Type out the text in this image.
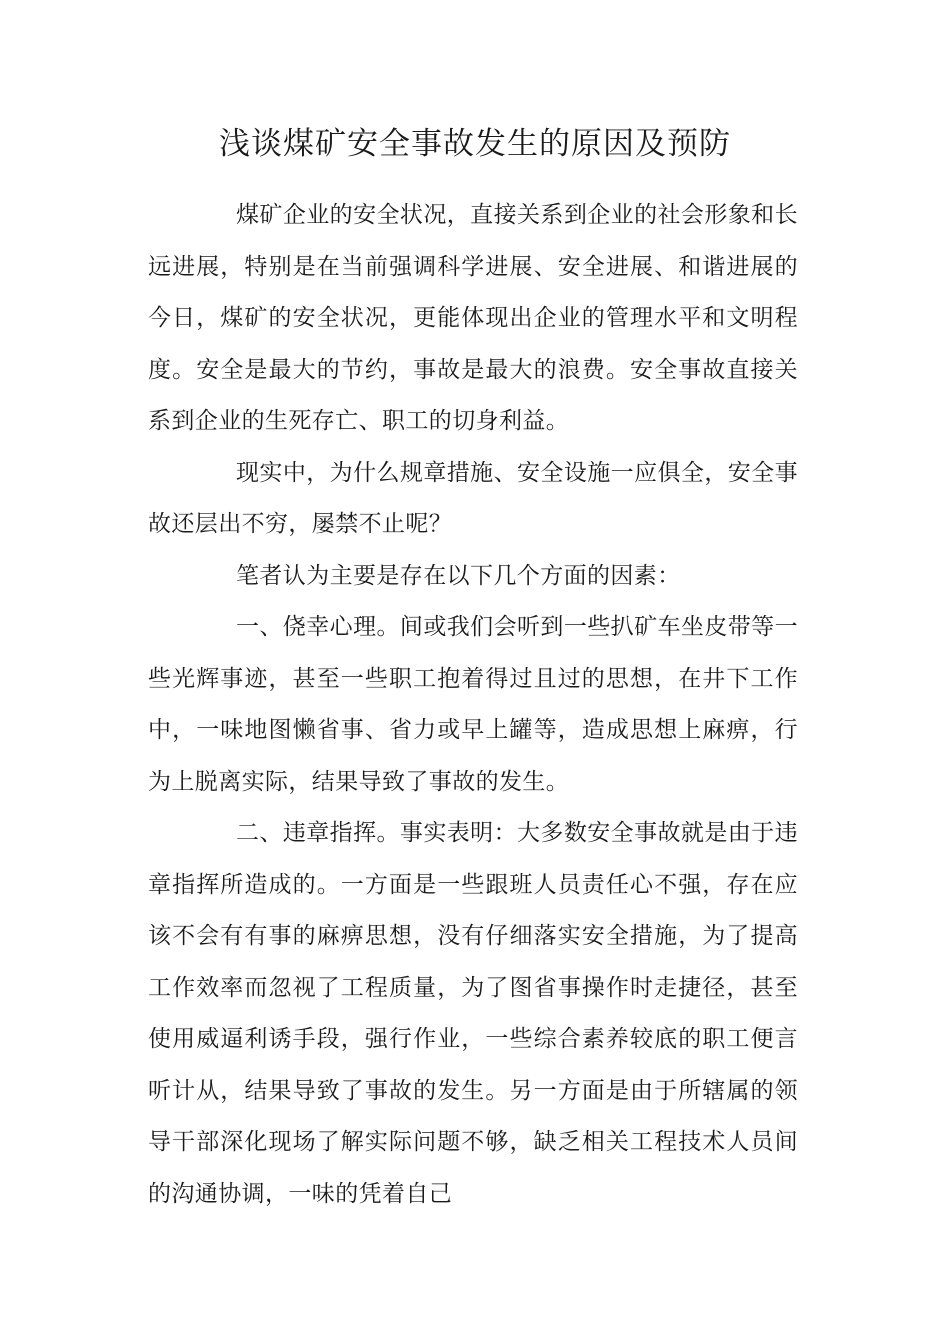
浅谈煤矿安全事故发生的原因及预防

煤矿企业的安全状况，直接关系到企业的社会形象和长远进展，特别是在当前强调科学进展、安全进展、和谐进展的今日，煤矿的安全状况，更能体现出企业的管理水平和文明程度。安全是最大的节约，事故是最大的浪费。安全事故直接关系到企业的生死存亡、职工的切身利益。

现实中，为什么规章措施、安全设施一应俱全，安全事故还层出不穷，屡禁不止呢？

笔者认为主要是存在以下几个方面的因素：

一、侥幸心理。间或我们会听到一些扒矿车坐皮带等一些光辉事迹，甚至一些职工抱着得过且过的思想，在井下工作中，一味地图懒省事、省力或早上罐等，造成思想上麻痹，行为上脱离实际，结果导致了事故的发生。

二、违章指挥。事实表明：大多数安全事故就是由于违章指挥所造成的。一方面是一些跟班人员责任心不强，存在应该不会有有事的麻痹思想，没有仔细落实安全措施，为了提高工作效率而忽视了工程质量，为了图省事操作时走捷径，甚至使用威逼利诱手段，强行作业，一些综合素养较底的职工便言听计从，结果导致了事故的发生。另一方面是由于所辖属的领导干部深化现场了解实际问题不够，缺乏相关工程技术人员间的沟通协调，一味的凭着自己
